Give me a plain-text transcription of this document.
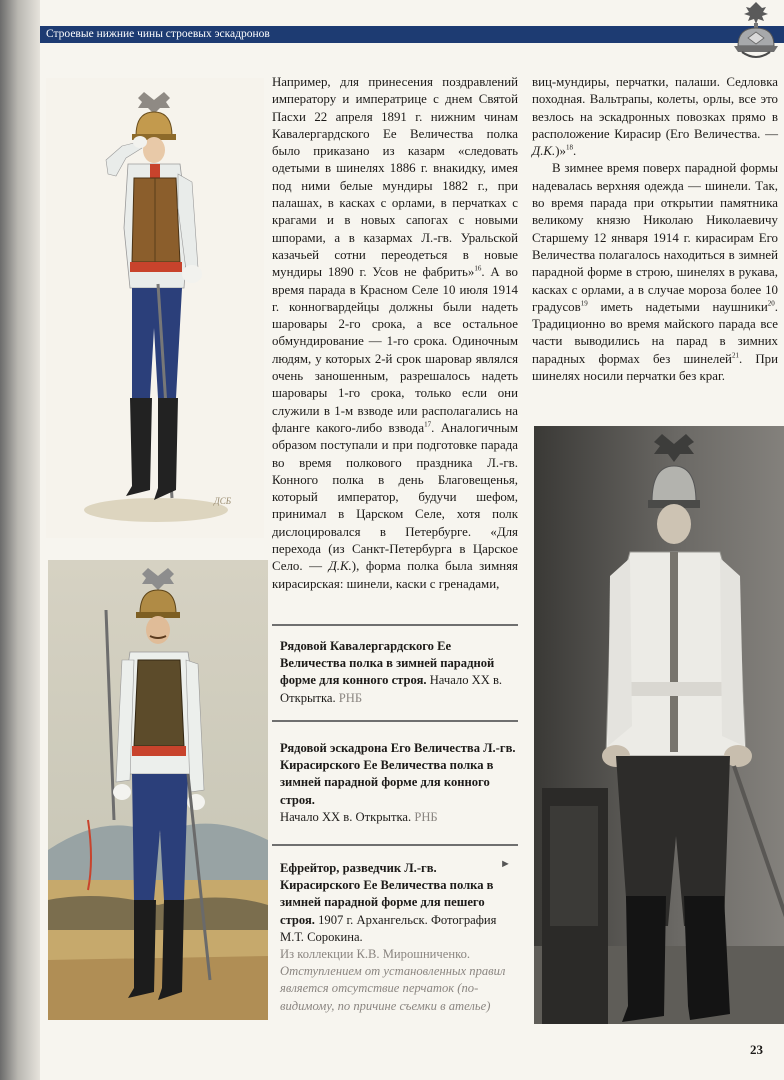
Строевые нижние чины строевых эскадронов
ДСБ

Например, для принесения поздравлений императору и императрице с днем Святой Пасхи 22 апреля 1891 г. нижним чинам Кавалергардского Ее Величества полка было приказано из казарм «следовать одетыми в шинелях 1886 г. внакидку, имея под ними белые мундиры 1882 г., при палашах, в касках с орлами, в перчатках с крагами и в новых сапогах с новыми шпорами, а в казармах Л.-гв. Уральской казачьей сотни переодеться в новые мундиры 1890 г. Усов не фабрить»$^{16}$. А во время парада в Красном Селе 10 июля 1914 г. конногвардейцы должны были надеть шаровары 2-го срока, а все остальное обмундирование — 1-го срока. Одиночным людям, у которых 2-й срок шаровар являлся очень заношенным, разрешалось надеть шаровары 1-го срока, только если они служили в 1-м взводе или располагались на фланге какого-либо взвода$^{17}$. Аналогичным образом поступали и при подготовке парада во время полкового праздника Л.-гв. Конного полка в день Благовещенья, который император, будучи шефом, принимал в Царском Селе, хотя полк дислоцировался в Петербурге. «Для перехода (из Санкт-Петербурга в Царское Село. — Д.К.), форма полка была зимняя кирасирская: шинели, каски с гренадами,

виц-мундиры, перчатки, палаши. Седловка походная. Вальтрапы, колеты, орлы, все это везлось на эскадронных повозках прямо в расположение Кирасир (Его Величества. — Д.К.)»$^{18}$.

В зимнее время поверх парадной формы надевалась верхняя одежда — шинели. Так, во время парада при открытии памятника великому князю Николаю Николаевичу Старшему 12 января 1914 г. кирасирам Его Величества полагалось находиться в зимней парадной форме в строю, шинелях в рукава, касках с орлами, а в случае мороза более 10 градусов$^{19}$ иметь надетыми наушники$^{20}$. Традиционно во время майского парада все части выводились на парад в зимних парадных формах без шинелей$^{21}$. При шинелях носили перчатки без краг.

Рядовой Кавалергардского Ее Величества полка в зимней парадной форме для конного строя. Начало XX в. Открытка. РНБ
Рядовой эскадрона Его Величества Л.-гв. Кирасирского Ее Величества полка в зимней парадной форме для конного строя.
Начало XX в. Открытка. РНБ
Ефрейтор, разведчик Л.-гв. Кирасирского Ее Величества полка в зимней парадной форме для пешего строя. 1907 г. Архангельск. Фотография М.Т. Сорокина.
Из коллекции К.В. Мирошниченко.
Отступлением от установленных правил является отсутствие перчаток (по-видимому, по причине съемки в ателье)
►
23
